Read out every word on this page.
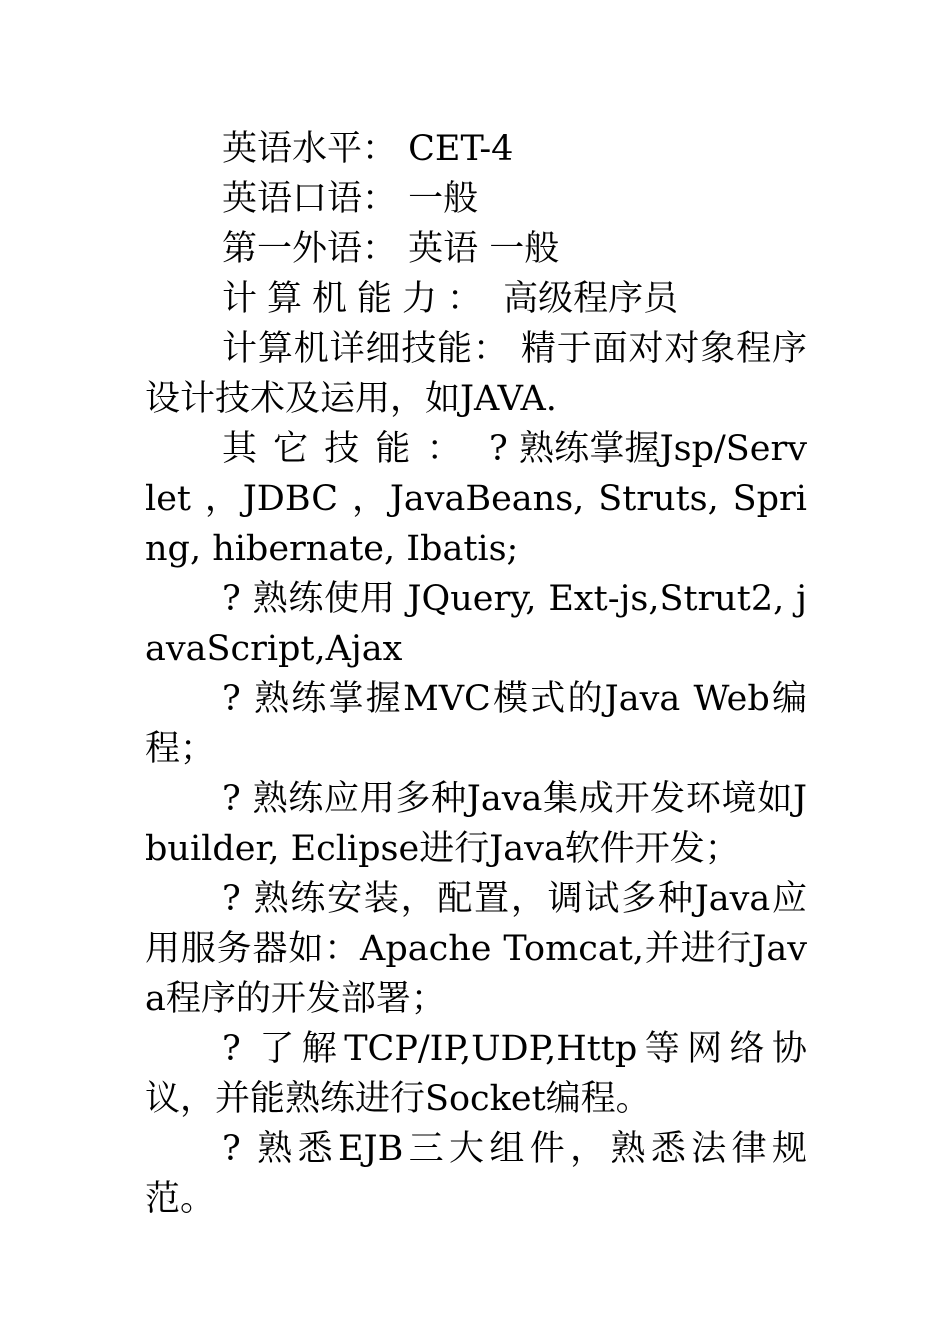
英语水平： CET-4

英语口语： 一般

第一外语： 英语 一般

计算机能力： 高级程序员

计算机详细技能： 精于面对对象程序设计技术及运用，如JAVA.

其它技能： ? 熟练掌握Jsp/Servlet ，JDBC ，JavaBeans, Struts, Spring, hibernate, Ibatis;

? 熟练使用 JQuery, Ext-js,Strut2, javaScript,Ajax

? 熟练掌握MVC模式的Java Web编程；

? 熟练应用多种Java集成开发环境如Jbuilder, Eclipse进行Java软件开发；

? 熟练安装，配置，调试多种Java应用服务器如：Apache Tomcat,并进行Java程序的开发部署；

? 了解TCP/IP,UDP,Http等网络协议，并能熟练进行Socket编程。

? 熟悉EJB三大组件，熟悉法律规范。
